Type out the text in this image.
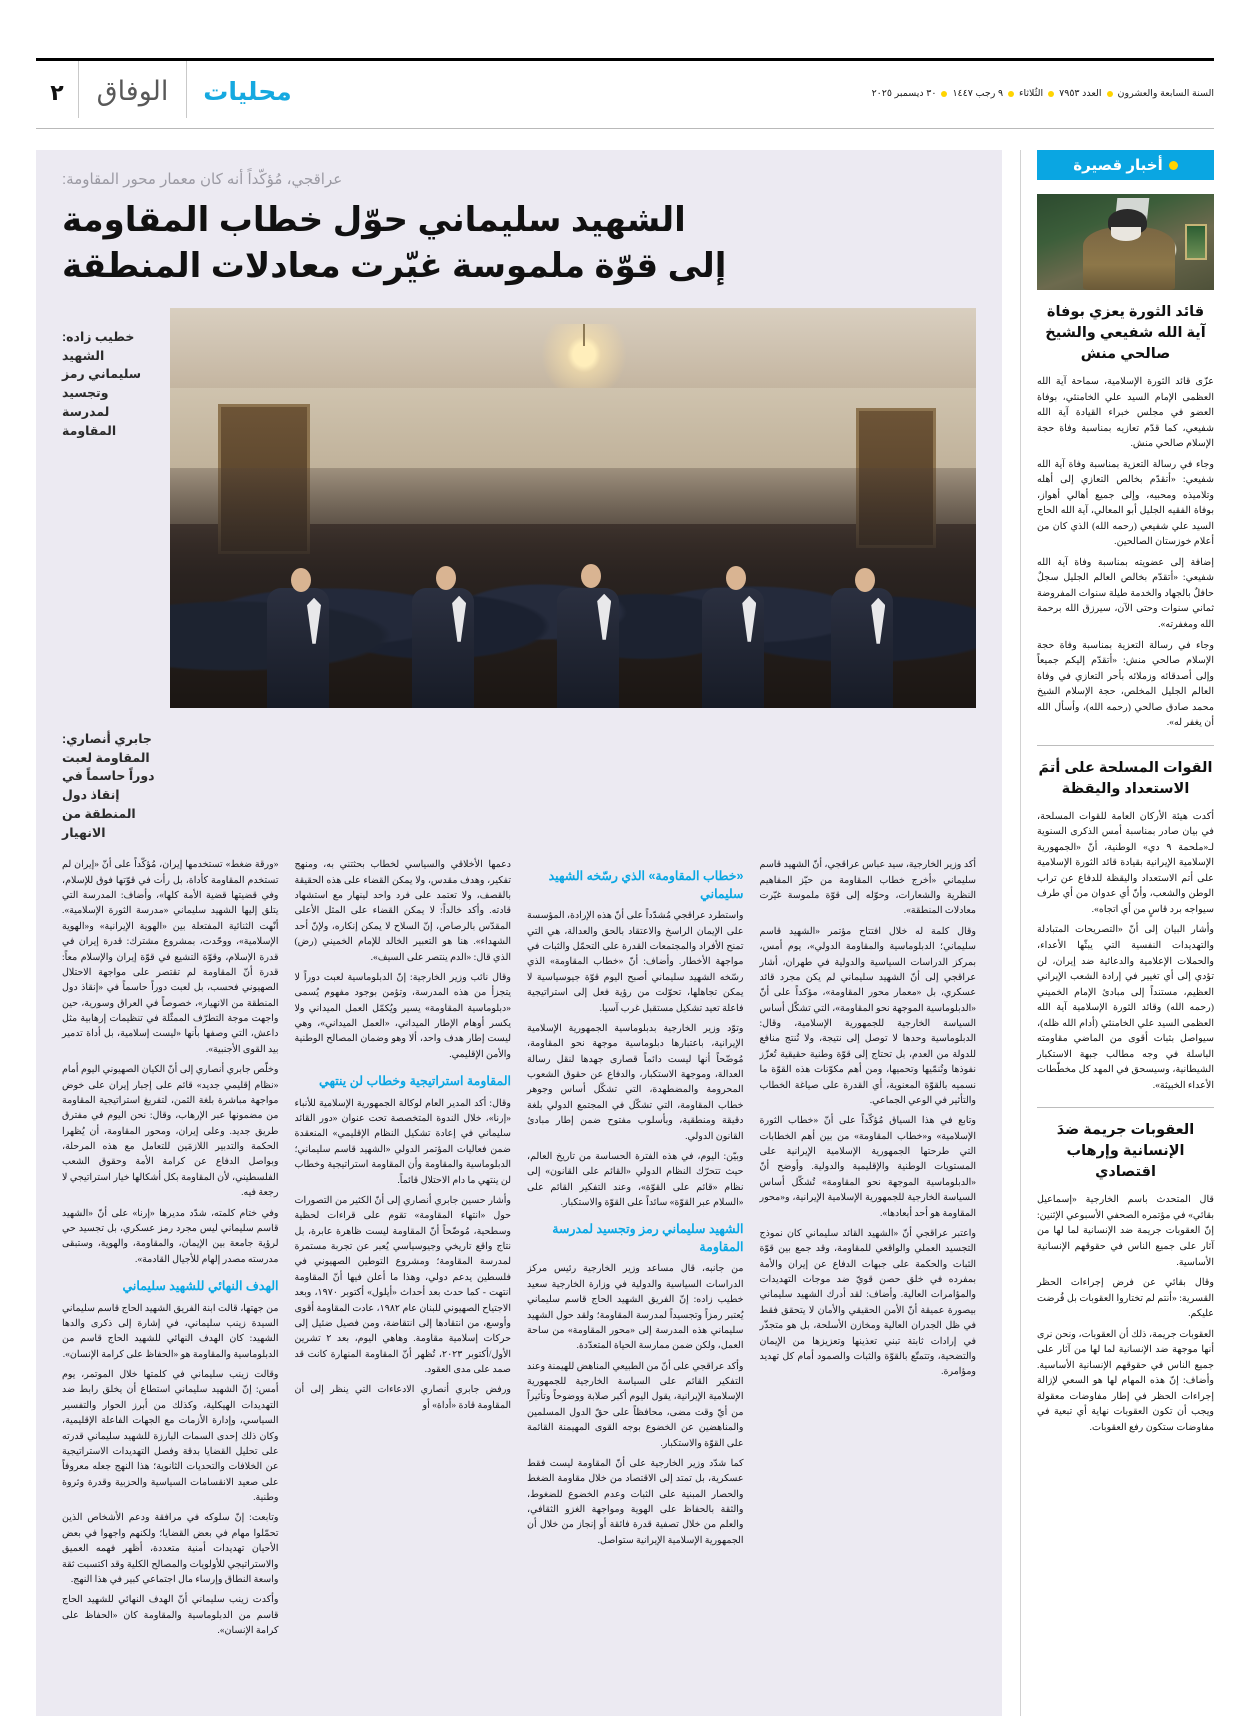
السنة السابعة والعشرون
العدد ٧٩٥٣
الثُلاثاء
٩ رجب ١٤٤٧
٣٠ ديسمبر ٢٠٢٥
محليات
الوفاق
٢
أخبار قصيرة
قائد الثورة يعزي بوفاة آية الله شفيعي والشيخ صالحي منش

عزّى قائد الثورة الإسلامية، سماحة آية الله العظمى الإمام السيد علي الخامنئي، بوفاة العضو في مجلس خبراء القيادة آية الله شفيعي، كما قدّم تعازيه بمناسبة وفاة حجة الإسلام صالحي منش.

وجاء في رسالة التعزية بمناسبة وفاة آية الله شفيعي: «أتقدّم بخالص التعازي إلى أهله وتلامیذه ومحبيه، وإلى جميع أهالي أهواز، بوفاة الفقيه الجليل أبو المعالي، آية الله الحاج السيد علي شفيعي (رحمه الله) الذي كان من أعلام خوزستان الصالحين.

إضافة إلى عضويته بمناسبة وفاة آية الله شفيعي: «أتقدّم بخالص العالم الجليل سجلٌ حافلٌ بالجهاد والخدمة طيلة سنوات المفروضة ثماني سنوات وحتى الآن، سيرزق الله برحمة الله ومغفرته».

وجاء في رسالة التعزية بمناسبة وفاة حجة الإسلام صالحي منش: «أتقدّم إليكم جميعاً وإلى أصدقائه وزملائه بأحر التعازي في وفاة العالم الجليل المخلص، حجة الإسلام الشيخ محمد صادق صالحي (رحمه الله)، وأسأل الله أن يغفر له».

القوات المسلحة على أتمَ الاستعداد واليقظة

أكدت هيئة الأركان العامة للقوات المسلحة، في بيان صادر بمناسبة أمس الذكرى السنوية لـ«ملحمة ٩ دي» الوطنية، أنّ «الجمهورية الإسلامية الإيرانية بقيادة قائد الثورة الإسلامية على أتم الاستعداد والیقظة للدفاع عن تراب الوطن والشعب، وأنّ أي عدوان من أي طرف سيواجه برد قاسٍ من أي اتجاه».

وأشار البيان إلى أنّ «التصريحات المتبادلة والتهديدات النفسية التي يبثّها الأعداء، والحملات الإعلامية والدعائية ضد إيران، لن تؤدي إلى أي تغيير في إرادة الشعب الإيراني العظيم، مستنداً إلى مبادئ الإمام الخميني (رحمه الله) وقائد الثورة الإسلامية آية الله العظمى السيد علي الخامنئي (أدام الله ظله)، سيواصل بثبات أقوى من الماضي مقاومته الباسلة في وجه مطالب جبهة الاستكبار الشيطانية، وسيسحق في المهد كل مخطّطات الأعداء الخبيثة».

العقوبات جريمة ضدَ الإنسانية وإرهاب اقتصادي

قال المتحدث باسم الخارجية «إسماعيل بقائي» في مؤتمره الصحفي الأسبوعي الإثنين: إنّ العقوبات جريمة ضد الإنسانية لما لها من آثار على جميع الناس في حقوقهم الإنسانية الأساسية.

وقال بقائي عن فرض إجراءات الحظر القسرية: «أنتم لم تختاروا العقوبات بل فُرضت عليكم.

العقوبات جريمة، ذلك أن العقوبات، ونحن نرى أنها موجهة ضد الإنسانية لما لها من آثار على جميع الناس في حقوقهم الإنسانية الأساسية. وأضاف: إنّ هذه المهام لها هو السعي لإزالة إجراءات الحظر في إطار مفاوضات معقولة ويجب أن تكون العقوبات نهاية أي تبعية في مفاوضات ستكون رفع العقوبات.

عراقجي، مُؤكّداً أنه كان معمار محور المقاومة:
الشهيد سليماني حوّل خطاب المقاومة
إلى قوّة ملموسة غيّرت معادلات المنطقة
خطيب زاده: الشهيد سليماني رمز وتجسيد لمدرسة المقاومة
جابري أنصاري: المقاومة لعبت دوراً حاسماً في إنقاذ دول المنطقة من الانهيار

أكد وزير الخارجية، سيد عباس عراقجي، أنّ الشهيد قاسم سليماني «أخرج خطاب المقاومة من حيّز المفاهيم النظرية والشعارات، وحوّله إلى قوّة ملموسة غيّرت معادلات المنطقة».

وقال كلمة له خلال افتتاح مؤتمر «الشهيد قاسم سليماني؛ الدبلوماسية والمقاومة الدولي»، يوم أمس، بمركز الدراسات السياسية والدولية في طهران، أشار عراقجي إلى أنّ الشهيد سليماني لم يكن مجرد قائد عسكري، بل «معمار محور المقاومة»، مؤكداً على أنّ «الدبلوماسية الموجهة نحو المقاومة»، التي تشكّل أساس السياسة الخارجية للجمهورية الإسلامية، وقال: الدبلوماسية وحدها لا توصل إلى نتيجة، ولا تُنتج منافع للدولة من العدم، بل تحتاج إلى قوّة وطنية حقيقية تُعزّز نفوذها وتُنمّيها وتحميها، ومن أهم مكوّنات هذه القوّة ما نسميه بالقوّة المعنوية، أي القدرة على صياغة الخطاب والتأثير في الوعي الجماعي.

وتابع في هذا السياق مُؤكّداً على أنّ «خطاب الثورة الإسلامية» و«خطاب المقاومة» من بين أهم الخطابات التي طرحتها الجمهورية الإسلامية الإيرانية على المستويات الوطنية والإقليمية والدولية. وأوضح أنّ «الدبلوماسية الموجهة نحو المقاومة» تُشكّل أساس السياسة الخارجية للجمهورية الإسلامية الإيرانية، و«محور المقاومة هو أحد أبعادها».

واعتبر عراقجي أنّ «الشهيد القائد سليماني كان نموذج التجسيد العملي والواقعي للمقاومة، وقد جمع بين قوّة الثبات والحكمة على جبهات الدفاع عن إيران والأمة بمفرده في خلق حصن قويّ ضد موجات التهديدات والمؤامرات العالية. وأضاف: لقد أدرك الشهيد سليماني بيصورة عميقة أنّ الأمن الحقيقي والأمان لا يتحقق فقط في ظل الجدران العالية ومخازن الأسلحة، بل هو متجذّر في إرادات ثابتة تبني تعذينها وتعزيزها من الإيمان والتضحية، وتتمتّع بالقوّة والثبات والصمود أمام كل تهديد ومؤامرة.

«خطاب المقاومة» الذي رسّخه الشهيد سليماني

واستطرد عراقجي مُشدّداً على أنّ هذه الإرادة، المؤسسة على الإيمان الراسخ والاعتقاد بالحق والعدالة، هي التي تمنح الأفراد والمجتمعات القدرة على التحمّل والثبات في مواجهة الأخطار. وأضاف: أنّ «خطاب المقاومة» الذي رسّخه الشهيد سليماني أصبح اليوم قوّة جيوسياسية لا يمكن تجاهلها، تحوّلت من رؤية فعل إلى استراتيجية فاعلة تعيد تشكيل مستقبل غرب آسيا.

وتوّد وزير الخارجية بدبلوماسية الجمهورية الإسلامية الإيرانية، باعتبارها دبلوماسية موجهة نحو المقاومة، مُوضّحاً أنها ليست دائماً قصارى جهدها لنقل رسالة العدالة، وموجهة الاستكبار، والدفاع عن حقوق الشعوب المحرومة والمضطهدة، التي تشكّل أساس وجوهر خطاب المقاومة، التي تشكّل في المجتمع الدولي بلغة دقيقة ومنطقية، وبأسلوب مفتوح ضمن إطار مبادئ القانون الدولي.

وبيّن: اليوم، في هذه الفترة الحساسة من تاريخ العالم، حيث تتحرّك النظام الدولي «القائم على القانون» إلى نظام «قائم على القوّة»، وعند التفكير القائم على «السلام عبر القوّة» سائداً على القوّة والاستكبار.

الشهيد سليماني رمز وتجسيد لمدرسة المقاومة

من جانبه، قال مساعد وزير الخارجية رئيس مركز الدراسات السياسية والدولية في وزارة الخارجية سعيد خطيب زاده: إنّ الفريق الشهيد الحاج قاسم سليماني يُعتبر رمزاً وتجسيداً لمدرسة المقاومة؛ ولقد حول الشهيد سليماني هذه المدرسة إلى «محور المقاومة» من ساحة العمل، ولكن ضمن ممارسة الحياة المتعدّدة.

وأكد عراقجي على أنّ من الطبيعي المناهض للهيمنة وعند التفكير القائم على السياسة الخارجية للجمهورية الإسلامية الإيرانية، يقول اليوم أكبر صلابة ووضوحاً وتأثيراً من أيّ وقت مضى، محافظاً على حقّ الدول المسلمين والمناهضين عن الخضوع بوجه القوى المهيمنة القائمة على القوّة والاستكبار.

كما شدّد وزير الخارجية على أنّ المقاومة ليست فقط عسكرية، بل تمتد إلى الاقتصاد من خلال مقاومة الضغط والحصار المبنية على الثبات وعدم الخضوع للضغوط، والثقة بالحفاظ على الهوية ومواجهة الغزو الثقافي، والعلم من خلال تصفية قدرة فائقة أو إنجاز من خلال أن الجمهورية الإسلامية الإيرانية ستواصل.

دعمها الأخلاقي والسياسي لخطاب بحثتني به، ومنهج تفكير، وهدف مقدس، ولا يمكن القضاء على هذه الحقيقة بالقصف، ولا تعتمد على فرد واحد لينهار مع استشهاد قادته. وأكد خالداً: لا يمكن القضاء على المثل الأعلى المقدّس بالرصاص، إنّ السلاح لا يمكن إنكاره، ولإنّ أحد الشهداء». هنا هو التعبير الخالد للإمام الخميني (رض) الذي قال: «الدم ينتصر على السيف».

وقال نائب وزير الخارجية: إنّ الدبلوماسية لعبت دوراً لا يتجزأ من هذه المدرسة، وتؤمن بوجود مفهوم يُسمى «دبلوماسية المقاومة» يسير ويُكمّل العمل الميداني ولا يكسر أوهام الإطار الميداني، «العمل الميداني»، وهي ليست إطار هدف واحد، ألا وهو وضمان المصالح الوطنية والأمن الإقليمي.

المقاومة استراتيجية وخطاب لن ينتهي

وقال: أكد المدير العام لوكالة الجمهورية الإسلامية للأنباء «إرنا»، خلال الندوة المتخصصة تحت عنوان «دور القائد سليماني في إعادة تشكيل النظام الإقليمي» المنعقدة ضمن فعاليات المؤتمر الدولي «الشهيد قاسم سليماني؛ الدبلوماسية والمقاومة وأن المقاومة استراتيجية وخطاب لن ينتهي ما دام الاحتلال قائماً.

وأشار حسين جابري أنصاري إلى أنّ الكثير من التصورات حول «انتهاء المقاومة» تقوم على قراءات لحظية وسطحية، مُوضّحاً أنّ المقاومة ليست ظاهرة عابرة، بل نتاج واقع تاريخي وجيوسياسي يُعبر عن تجربة مستمرة لمدرسة المقاومة؛ ومشروع التوطين الصهيوني في فلسطين يدعم دولي، وهذا ما أعلن فيها أنّ المقاومة انتهت - كما حدث بعد أحداث «أيلول» أكتوبر ١٩٧٠، وبعد الاجتياح الصهيوني للبنان عام ١٩٨٢، عادت المقاومة أقوى وأوسع، من انتقادها إلى انتقاضة، ومن فصيل ضئيل إلى حركات إسلامية مقاومة. وهاهي اليوم، بعد ٢ تشرين الأول/أكتوبر ٢٠٢٣، تُظهر أنّ المقاومة المنهارة كانت قد صمد على مدى العقود.

ورفض جابري أنصاري الادعاءات التي ينظر إلى أن المقاومة قادة «أداة» أو

«ورقة ضغط» تستخدمها إيران، مُؤكّداً على أنّ «إيران لم تستخدم المقاومة كأداة، بل رأت في قوّتها فوق للإسلام، وفي قضيتها قضية الأمة كلها»، وأضاف: المدرسة التي يتلق إليها الشهيد سليماني «مدرسة الثورة الإسلامية». أنّهت الثنائية المفتعلة بين «الهوية الإيرانية» و«الهوية الإسلامية»، ووحّدت، بمشروع مشترك: قدرة إيران في قدرة الإسلام، وقوّة التشيع في قوّة إيران والإسلام معاً: قدرة أنّ المقاومة لم تقتصر على مواجهة الاحتلال الصهيوني فحسب، بل لعبت دوراً حاسماً في «إنقاذ دول المنطقة من الانهيار»، خصوصاً في العراق وسورية، حين واجهت موجة التطرّف الممثّلة في تنظيمات إرهابية مثل داعش، التي وصفها بأنها «ليست إسلامية، بل أداة تدمير بيد القوى الأجنبية».

وخلّص جابري أنصاري إلى أنّ الكيان الصهيوني اليوم أمام «نظام إقليمي جديد» قائم على إجبار إيران على خوض مواجهة مباشرة بلغة الثمن، لتفريغ استراتيجية المقاومة من مضمونها عبر الإرهاب، وقال: نحن اليوم في مفترق طريق جديد. وعلى إيران، ومحور المقاومة، أن يُظهرا الحكمة والتدبير اللازمَين للتعامل مع هذه المرحلة، وبواصل الدفاع عن كرامة الأمة وحقوق الشعب الفلسطيني، لأن المقاومة بكل أشكالها خيار استراتيجي لا رجعة فيه.

وفي ختام كلمته، شدّد مديرها «إرنا» على أنّ «الشهيد قاسم سليماني ليس مجرد رمز عسكري، بل تجسيد حي لرؤية جامعة بين الإيمان، والمقاومة، والهوية، وستبقى مدرسته مصدر إلهام للأجيال القادمة».

الهدف النهائي للشهيد سليماني

من جهتها، قالت ابنة الفريق الشهيد الحاج قاسم سليماني السيدة زينب سليماني، في إشارة إلى ذكرى والدها الشهيد: كان الهدف النهائي للشهيد الحاج قاسم من الدبلوماسية والمقاومة هو «الحفاظ على كرامة الإنسان».

وقالت زينب سليماني في كلمتها خلال الموتمر، يوم أمس: إنّ الشهيد سليماني استطاع أن يخلق رابط ضد التهديدات الهيكلية، وكذلك من أبرز الحوار والتفسير السياسي، وإدارة الأزمات مع الجهات الفاعلة الإقليمية، وكان ذلك إحدى السمات البارزة للشهيد سليماني قدرته على تحليل القضايا بدقة وفصل التهديدات الاستراتيجية عن الخلافات والتحديات الثانوية؛ هذا النهج جعله معروفاً على صعيد الانقسامات السياسية والحزبية وقدرة وثروة وطنية.

وتابعت: إنّ سلوكه في مرافقة ودعم الأشخاص الذين تحمّلوا مهام في بعض القضايا؛ ولكنهم واجهوا في بعض الأحيان تهديدات أمنية متعددة، أظهر فهمه العميق والاستراتيجي للأولويات والمصالح الكلية وقد اكتسبت ثقة واسعة النطاق وإرساء مال اجتماعي كبير في هذا النهج.

وأكدت زينب سليماني أنّ الهدف النهائي للشهيد الحاج قاسم من الدبلوماسية والمقاومة كان «الحفاظ على كرامة الإنسان».
